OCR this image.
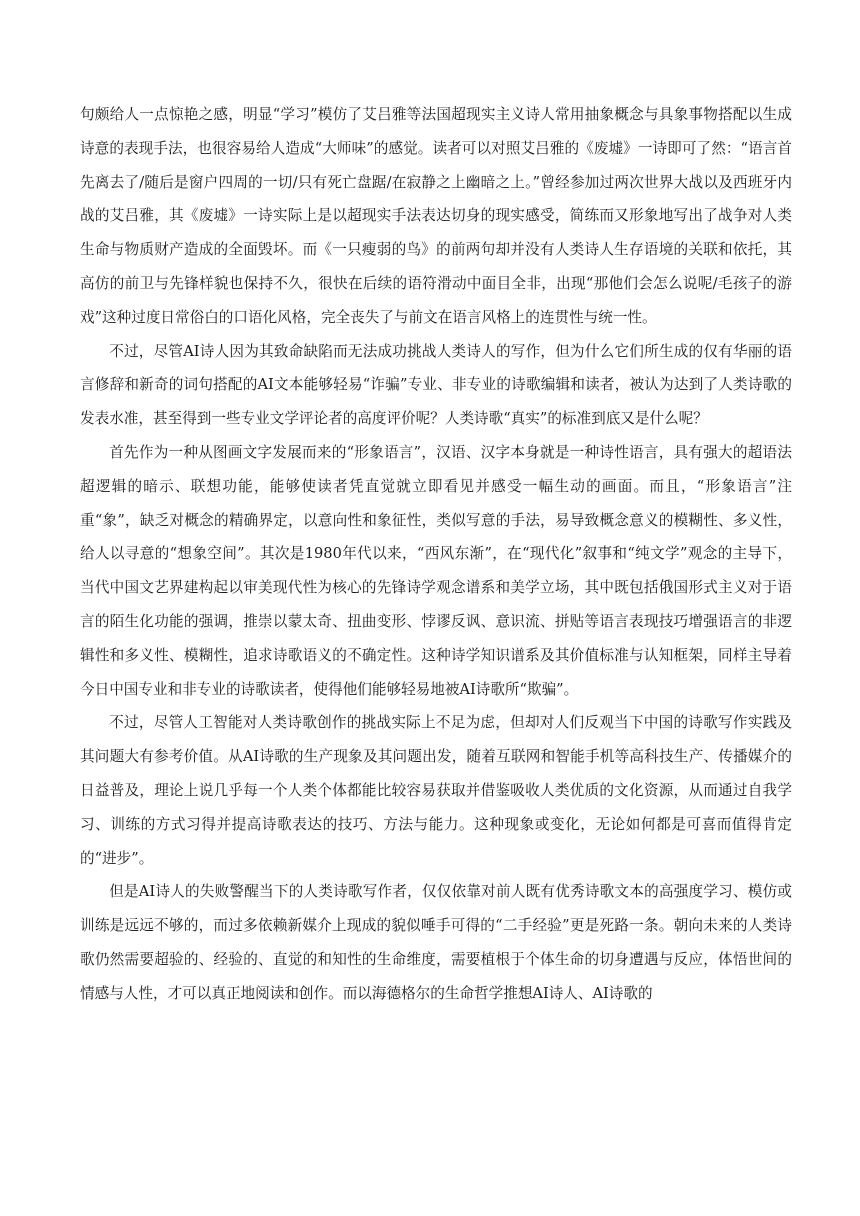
句颇给人一点惊艳之感，明显“学习”模仿了艾吕雅等法国超现实主义诗人常用抽象概念与具象事物搭配以生成诗意的表现手法，也很容易给人造成“大师味”的感觉。读者可以对照艾吕雅的《废墟》一诗即可了然：“语言首先离去了/随后是窗户四周的一切/只有死亡盘踞/在寂静之上幽暗之上。”曾经参加过两次世界大战以及西班牙内战的艾吕雅，其《废墟》一诗实际上是以超现实手法表达切身的现实感受，简练而又形象地写出了战争对人类生命与物质财产造成的全面毁坏。而《一只瘦弱的鸟》的前两句却并没有人类诗人生存语境的关联和依托，其高仿的前卫与先锋样貌也保持不久，很快在后续的语符滑动中面目全非，出现“那他们会怎么说呢/毛孩子的游戏”这种过度日常俗白的口语化风格，完全丧失了与前文在语言风格上的连贯性与统一性。

不过，尽管AI诗人因为其致命缺陷而无法成功挑战人类诗人的写作，但为什么它们所生成的仅有华丽的语言修辞和新奇的词句搭配的AI文本能够轻易“诈骗”专业、非专业的诗歌编辑和读者，被认为达到了人类诗歌的发表水准，甚至得到一些专业文学评论者的高度评价呢？人类诗歌“真实”的标准到底又是什么呢？

首先作为一种从图画文字发展而来的“形象语言”，汉语、汉字本身就是一种诗性语言，具有强大的超语法超逻辑的暗示、联想功能，能够使读者凭直觉就立即看见并感受一幅生动的画面。而且，“形象语言”注重“象”，缺乏对概念的精确界定，以意向性和象征性，类似写意的手法，易导致概念意义的模糊性、多义性，给人以寻意的“想象空间”。其次是1980年代以来，“西风东渐”，在“现代化”叙事和“纯文学”观念的主导下， 当代中国文艺界建构起以审美现代性为核心的先锋诗学观念谱系和美学立场，其中既包括俄国形式主义对于语言的陌生化功能的强调，推崇以蒙太奇、扭曲变形、悖谬反讽、意识流、拼贴等语言表现技巧增强语言的非逻辑性和多义性、模糊性，追求诗歌语义的不确定性。这种诗学知识谱系及其价值标准与认知框架，同样主导着今日中国专业和非专业的诗歌读者，使得他们能够轻易地被AI诗歌所“欺骗”。

不过，尽管人工智能对人类诗歌创作的挑战实际上不足为虑，但却对人们反观当下中国的诗歌写作实践及其问题大有参考价值。从AI诗歌的生产现象及其问题出发，随着互联网和智能手机等高科技生产、传播媒介的日益普及，理论上说几乎每一个人类个体都能比较容易获取并借鉴吸收人类优质的文化资源，从而通过自我学习、训练的方式习得并提高诗歌表达的技巧、方法与能力。这种现象或变化，无论如何都是可喜而值得肯定的“进步”。

但是AI诗人的失败警醒当下的人类诗歌写作者，仅仅依靠对前人既有优秀诗歌文本的高强度学习、模仿或训练是远远不够的，而过多依赖新媒介上现成的貌似唾手可得的“二手经验”更是死路一条。朝向未来的人类诗歌仍然需要超验的、经验的、直觉的和知性的生命维度，需要植根于个体生命的切身遭遇与反应，体悟世间的情感与人性，才可以真正地阅读和创作。而以海德格尔的生命哲学推想AI诗人、AI诗歌的
